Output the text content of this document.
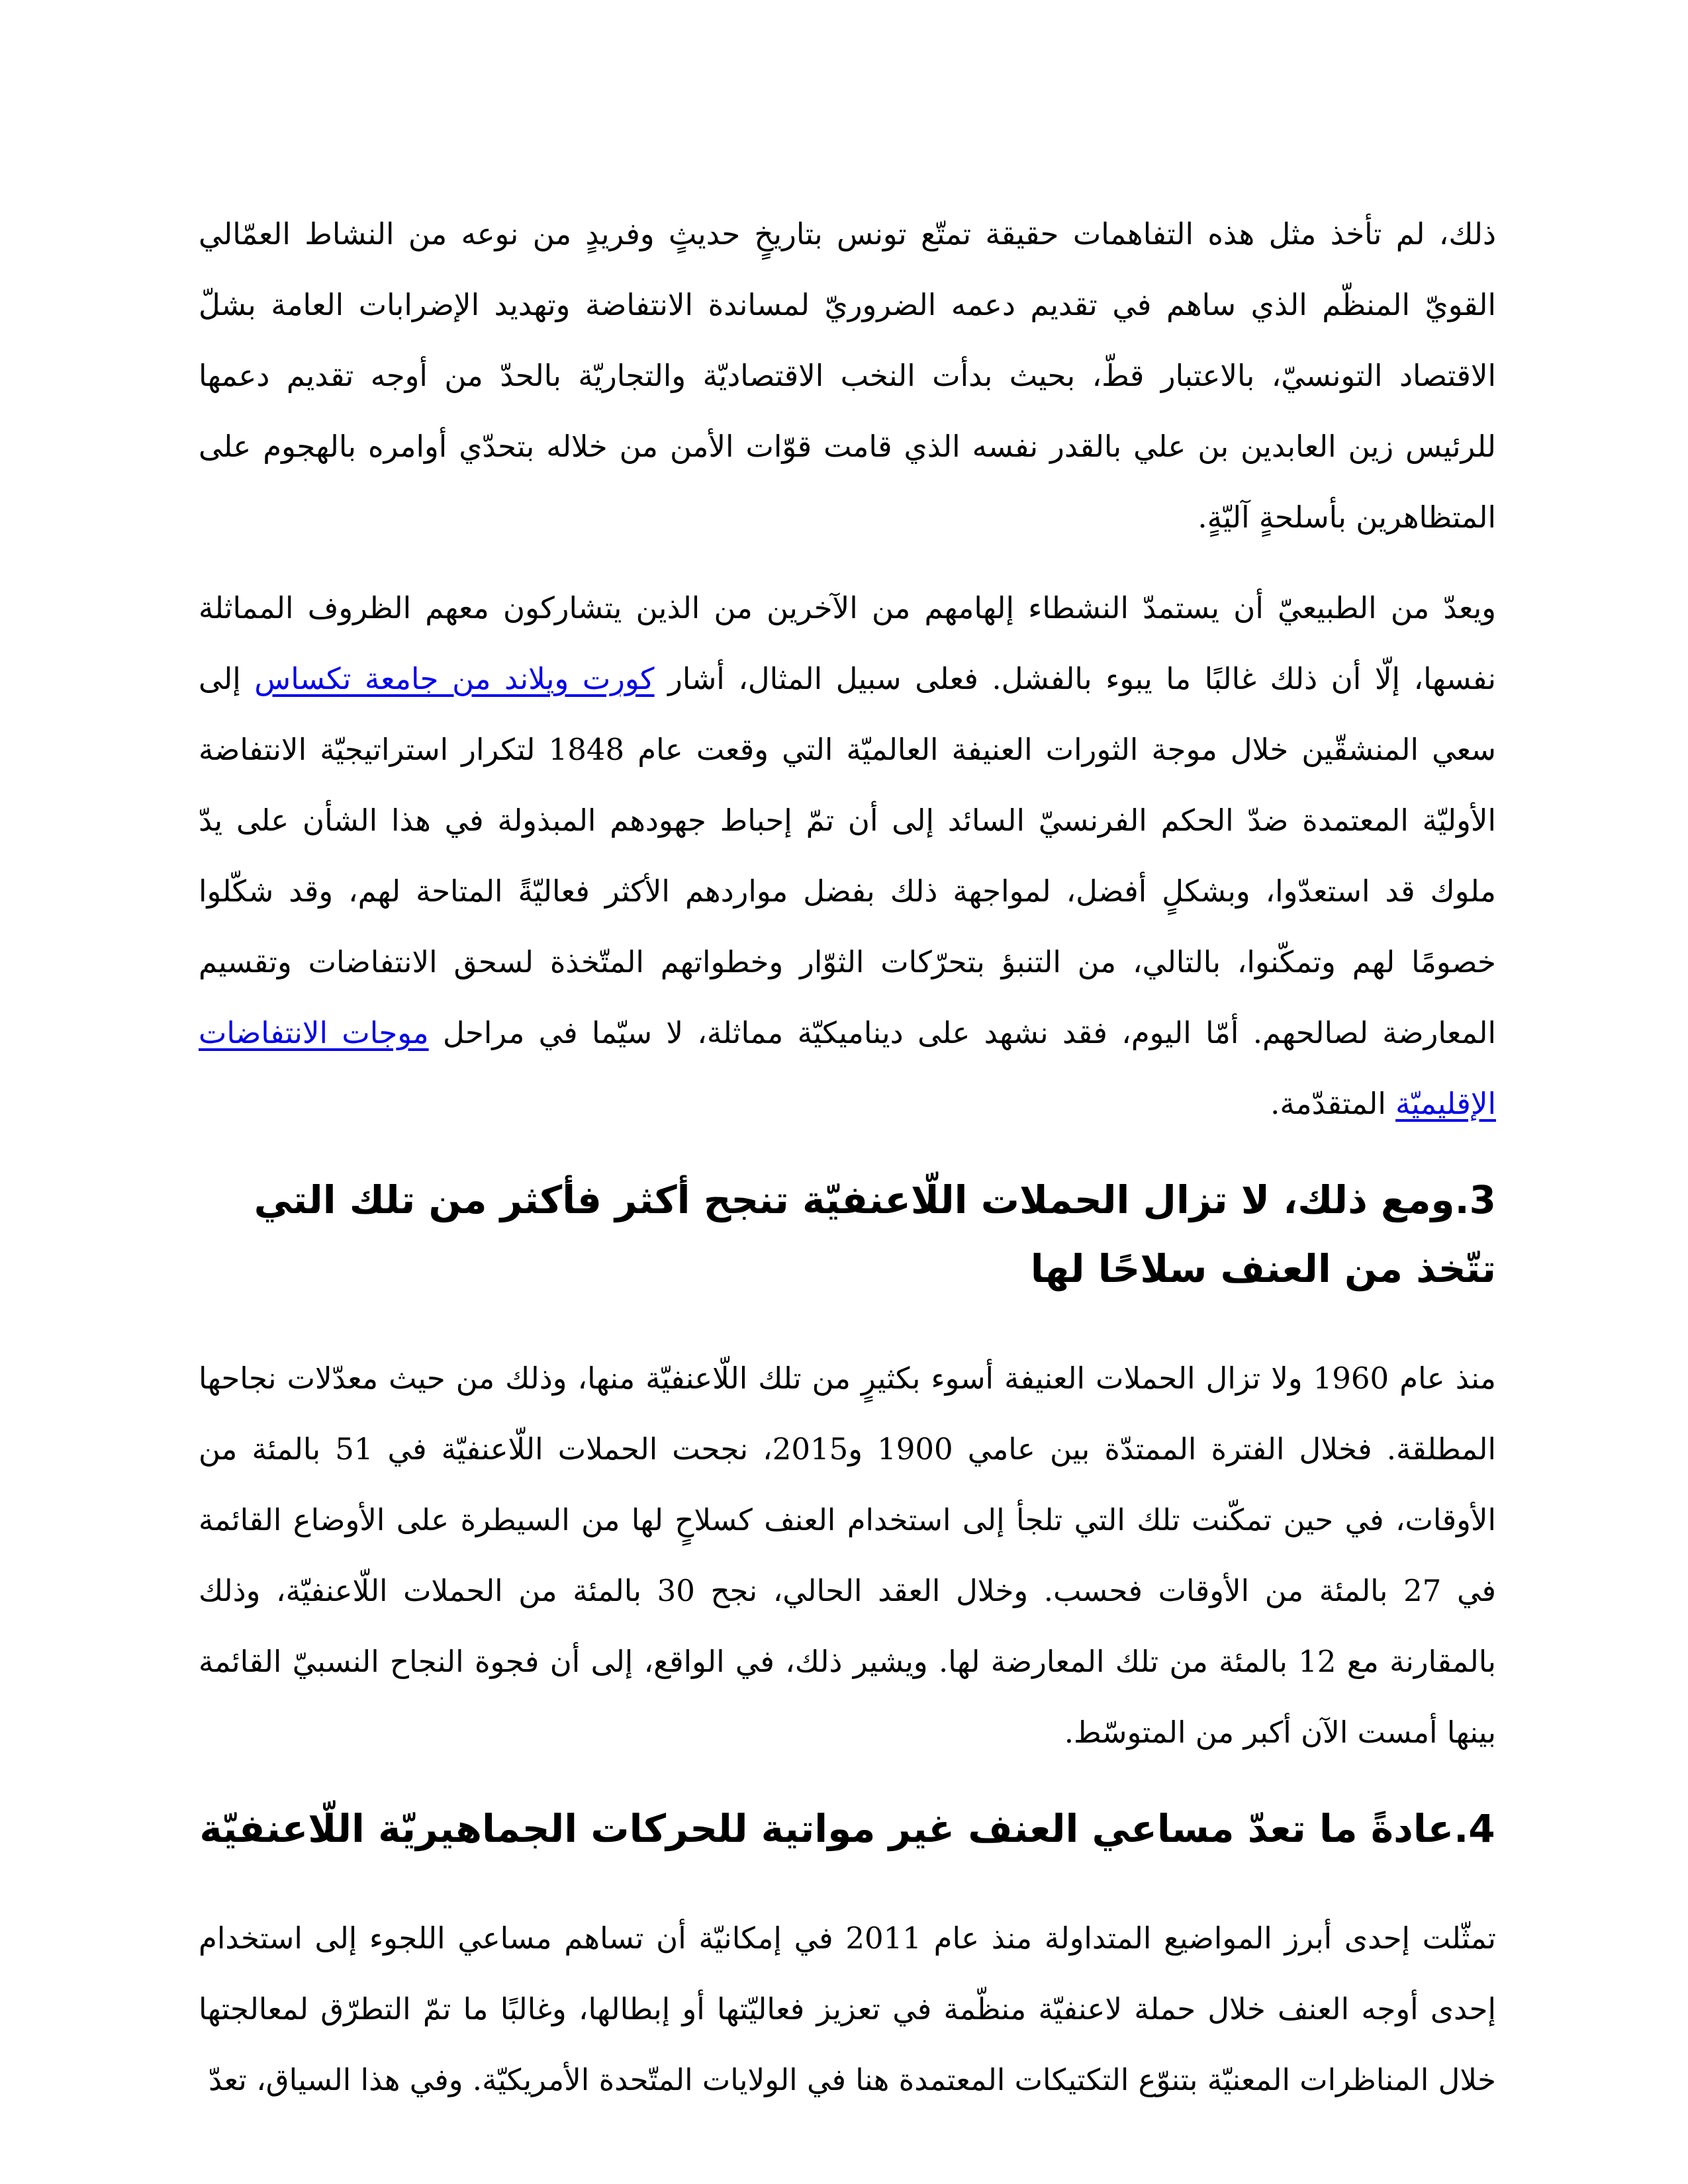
ذلك، لم تأخذ مثل هذه التفاهمات حقيقة تمتّع تونس بتاريخٍ حديثٍ وفريدٍ من نوعه من النشاط العمّالي القويّ المنظّم الذي ساهم في تقديم دعمه الضروريّ لمساندة الانتفاضة وتهديد الإضرابات العامة بشلّ الاقتصاد التونسيّ، بالاعتبار قطّ، بحيث بدأت النخب الاقتصاديّة والتجاريّة بالحدّ من أوجه تقديم دعمها للرئيس زين العابدين بن علي بالقدر نفسه الذي قامت قوّات الأمن من خلاله بتحدّي أوامره بالهجوم على المتظاهرين بأسلحةٍ آليّةٍ.

ويعدّ من الطبيعيّ أن يستمدّ النشطاء إلهامهم من الآخرين من الذين يتشاركون معهم الظروف المماثلة نفسها، إلّا أن ذلك غالبًا ما يبوء بالفشل. فعلى سبيل المثال، أشار كورت ويلاند من جامعة تكساس إلى سعي المنشقّين خلال موجة الثورات العنيفة العالميّة التي وقعت عام 1848 لتكرار استراتيجيّة الانتفاضة الأوليّة المعتمدة ضدّ الحكم الفرنسيّ السائد إلى أن تمّ إحباط جهودهم المبذولة في هذا الشأن على يدّ ملوك قد استعدّوا، وبشكلٍ أفضل، لمواجهة ذلك بفضل مواردهم الأكثر فعاليّةً المتاحة لهم، وقد شكّلوا خصومًا لهم وتمكّنوا، بالتالي، من التنبؤ بتحرّكات الثوّار وخطواتهم المتّخذة لسحق الانتفاضات وتقسيم المعارضة لصالحهم. أمّا اليوم، فقد نشهد على ديناميكيّة مماثلة، لا سيّما في مراحل موجات الانتفاضات الإقليميّة المتقدّمة.

3.ومع ذلك، لا تزال الحملات اللّاعنفيّة تنجح أكثر فأكثر من تلك التي تتّخذ من العنف سلاحًا لها

منذ عام 1960 ولا تزال الحملات العنيفة أسوء بكثيرٍ من تلك اللّاعنفيّة منها، وذلك من حيث معدّلات نجاحها المطلقة. فخلال الفترة الممتدّة بين عامي 1900 و2015، نجحت الحملات اللّاعنفيّة في 51 بالمئة من الأوقات، في حين تمكّنت تلك التي تلجأ إلى استخدام العنف كسلاحٍ لها من السيطرة على الأوضاع القائمة في 27 بالمئة من الأوقات فحسب. وخلال العقد الحالي، نجح 30 بالمئة من الحملات اللّاعنفيّة، وذلك بالمقارنة مع 12 بالمئة من تلك المعارضة لها. ويشير ذلك، في الواقع، إلى أن فجوة النجاح النسبيّ القائمة بينها أمست الآن أكبر من المتوسّط.

4.عادةً ما تعدّ مساعي العنف غير مواتية للحركات الجماهيريّة اللّاعنفيّة

تمثّلت إحدى أبرز المواضيع المتداولة منذ عام 2011 في إمكانيّة أن تساهم مساعي اللجوء إلى استخدام إحدى أوجه العنف خلال حملة لاعنفيّة منظّمة في تعزيز فعاليّتها أو إبطالها، وغالبًا ما تمّ التطرّق لمعالجتها خلال المناظرات المعنيّة بتنوّع التكتيكات المعتمدة هنا في الولايات المتّحدة الأمريكيّة. وفي هذا السياق، تعدّ
